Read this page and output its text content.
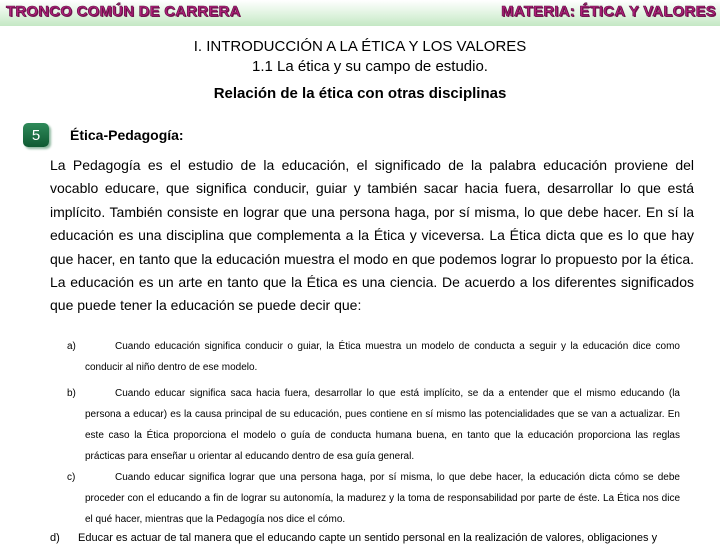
TRONCO COMÚN DE CARRERA	MATERIA: ÉTICA Y VALORES
I. INTRODUCCIÓN A LA ÉTICA Y LOS VALORES
1.1 La ética y su campo de estudio.
Relación de la ética con otras disciplinas
5	Ética-Pedagogía:
La Pedagogía es el estudio de la educación, el significado de la palabra educación proviene del vocablo educare, que significa conducir, guiar y también sacar hacia fuera, desarrollar lo que está implícito. También consiste en lograr que una persona haga, por sí misma, lo que debe hacer. En sí la educación es una disciplina que complementa a la Ética y viceversa. La Ética dicta que es lo que hay que hacer, en tanto que la educación muestra el modo en que podemos lograr lo propuesto por la ética. La educación es un arte en tanto que la Ética es una ciencia. De acuerdo a los diferentes significados que puede tener la educación se puede decir que:
a)	Cuando educación significa conducir o guiar, la Ética muestra un modelo de conducta a seguir y la educación dice como conducir al niño dentro de ese modelo.
b)	Cuando educar significa saca hacia fuera, desarrollar lo que está implícito, se da a entender que el mismo educando (la persona a educar) es la causa principal de su educación, pues contiene en sí mismo las potencialidades que se van a actualizar. En este caso la Ética proporciona el modelo o guía de conducta humana buena, en tanto que la educación proporciona las reglas prácticas para enseñar u orientar al educando dentro de esa guía general.
c)	Cuando educar significa lograr que una persona haga, por sí misma, lo que debe hacer, la educación dicta cómo se debe proceder con el educando a fin de lograr su autonomía, la madurez y la toma de responsabilidad por parte de éste. La Ética nos dice el qué hacer, mientras que la Pedagogía nos dice el cómo.
d) Educar es actuar de tal manera que el educando capte un sentido personal en la realización de valores, obligaciones y
